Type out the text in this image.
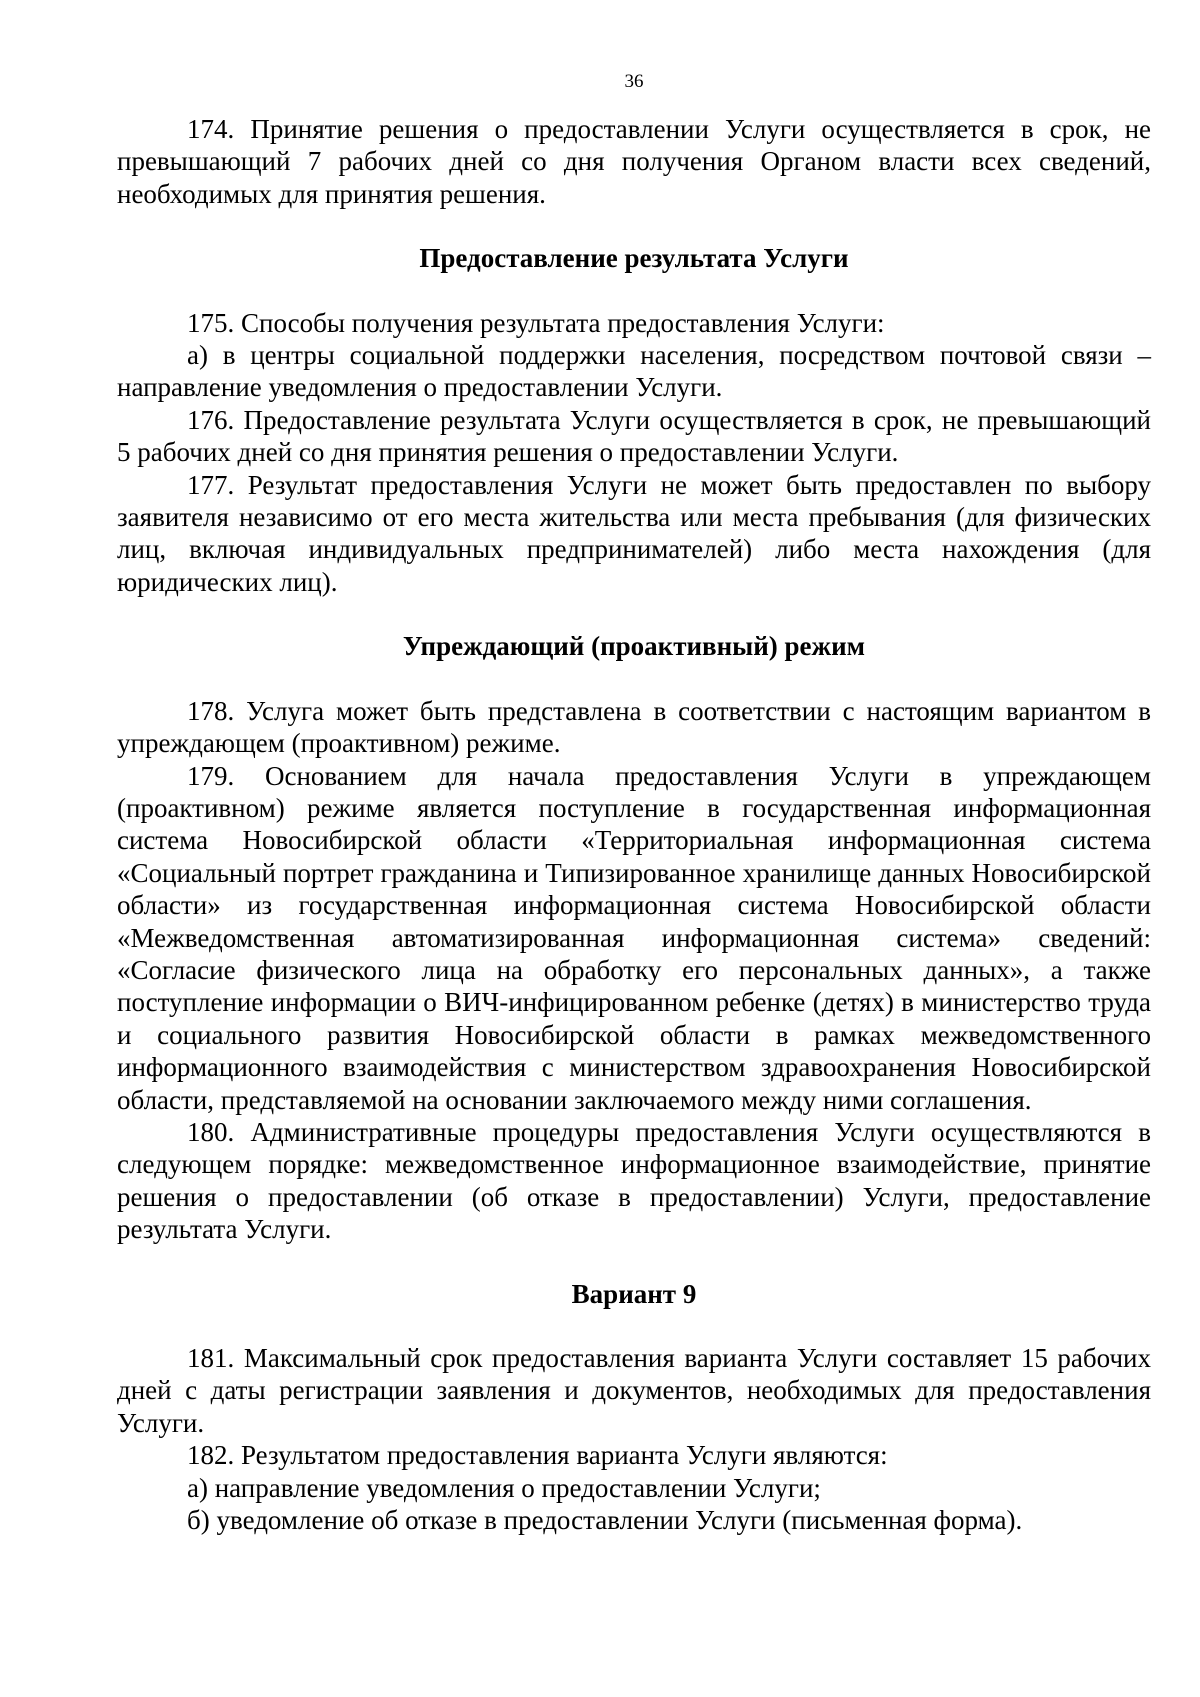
36

174. Принятие решения о предоставлении Услуги осуществляется в срок, не превышающий 7 рабочих дней со дня получения Органом власти всех сведений, необходимых для принятия решения.

Предоставление результата Услуги

175. Способы получения результата предоставления Услуги:

а) в центры социальной поддержки населения, посредством почтовой связи – направление уведомления о предоставлении Услуги.

176. Предоставление результата Услуги осуществляется в срок, не превышающий 5 рабочих дней со дня принятия решения о предоставлении Услуги.

177. Результат предоставления Услуги не может быть предоставлен по выбору заявителя независимо от его места жительства или места пребывания (для физических лиц, включая индивидуальных предпринимателей) либо места нахождения (для юридических лиц).

Упреждающий (проактивный) режим

178. Услуга может быть представлена в соответствии с настоящим вариантом в упреждающем (проактивном) режиме.

179. Основанием для начала предоставления Услуги в упреждающем (проактивном) режиме является поступление в государственная информационная система Новосибирской области «Территориальная информационная система «Социальный портрет гражданина и Типизированное хранилище данных Новосибирской области» из государственная информационная система Новосибирской области «Межведомственная автоматизированная информационная система» сведений: «Согласие физического лица на обработку его персональных данных», а также поступление информации о ВИЧ-инфицированном ребенке (детях) в министерство труда и социального развития Новосибирской области в рамках межведомственного информационного взаимодействия с министерством здравоохранения Новосибирской области, представляемой на основании заключаемого между ними соглашения.

180. Административные процедуры предоставления Услуги осуществляются в следующем порядке: межведомственное информационное взаимодействие, принятие решения о предоставлении (об отказе в предоставлении) Услуги, предоставление результата Услуги.

Вариант 9

181. Максимальный срок предоставления варианта Услуги составляет 15 рабочих дней с даты регистрации заявления и документов, необходимых для предоставления Услуги.

182. Результатом предоставления варианта Услуги являются:

а) направление уведомления о предоставлении Услуги;

б) уведомление об отказе в предоставлении Услуги (письменная форма).
